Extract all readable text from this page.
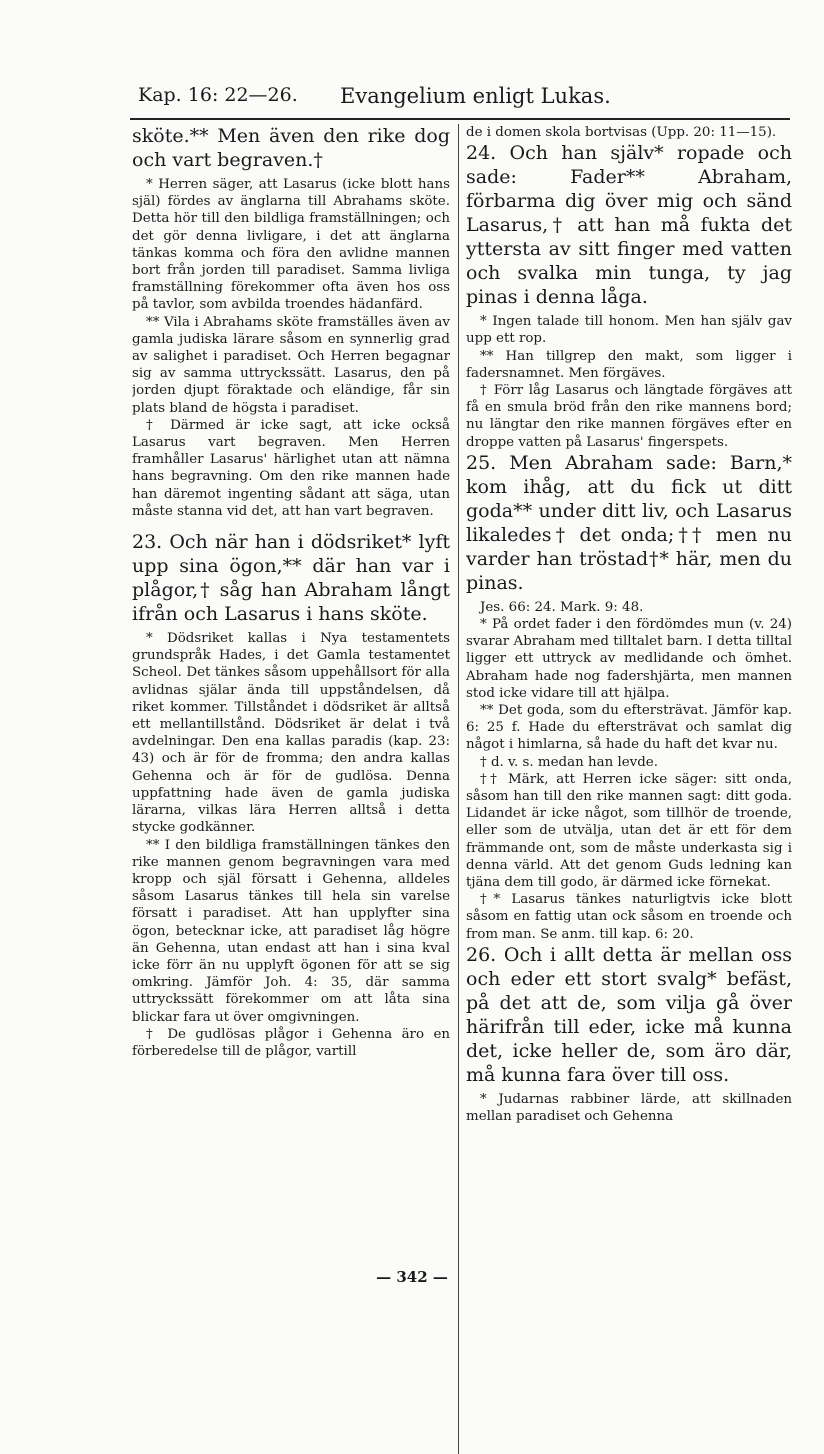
Kap. 16: 22—26. Evangelium enligt Lukas.

sköte.** Men även den rike dog och vart begraven.†

* Herren säger, att Lasarus (icke blott hans själ) fördes av änglarna till Abrahams sköte. Detta hör till den bildliga framställningen; och det gör denna livligare, i det att änglarna tänkas komma och föra den avlidne mannen bort från jorden till paradiset. Samma livliga framställning förekommer ofta även hos oss på tavlor, som avbilda troendes hädanfärd.

** Vila i Abrahams sköte framställes även av gamla judiska lärare såsom en synnerlig grad av salighet i paradiset. Och Herren begagnar sig av samma uttryckssätt. Lasarus, den på jorden djupt föraktade och eländige, får sin plats bland de högsta i paradiset.

† Därmed är icke sagt, att icke också Lasarus vart begraven. Men Herren framhåller Lasarus' härlighet utan att nämna hans begravning. Om den rike mannen hade han däremot ingenting sådant att säga, utan måste stanna vid det, att han vart begraven.

23. Och när han i dödsriket* lyft upp sina ögon,** där han var i plågor,† såg han Abraham långt ifrån och Lasarus i hans sköte.

* Dödsriket kallas i Nya testamentets grundspråk Hades, i det Gamla testamentet Scheol. Det tänkes såsom uppehållsort för alla avlidnas själar ända till uppståndelsen, då riket kommer. Tillståndet i dödsriket är alltså ett mellantillstånd. Dödsriket är delat i två avdelningar. Den ena kallas paradis (kap. 23: 43) och är för de fromma; den andra kallas Gehenna och är för de gudlösa. Denna uppfattning hade även de gamla judiska lärarna, vilkas lära Herren alltså i detta stycke godkänner.

** I den bildliga framställningen tänkes den rike mannen genom begravningen vara med kropp och själ försatt i Gehenna, alldeles såsom Lasarus tänkes till hela sin varelse försatt i paradiset. Att han upplyfter sina ögon, betecknar icke, att paradiset låg högre än Gehenna, utan endast att han i sina kval icke förr än nu upplyft ögonen för att se sig omkring. Jämför Joh. 4: 35, där samma uttryckssätt förekommer om att låta sina blickar fara ut över omgivningen.

† De gudlösas plågor i Gehenna äro en förberedelse till de plågor, vartill

de i domen skola bortvisas (Upp. 20: 11—15).

24. Och han själv* ropade och sade: Fader** Abraham, förbarma dig över mig och sänd Lasarus,† att han må fukta det yttersta av sitt finger med vatten och svalka min tunga, ty jag pinas i denna låga.

* Ingen talade till honom. Men han själv gav upp ett rop.

** Han tillgrep den makt, som ligger i fadersnamnet. Men förgäves.

† Förr låg Lasarus och längtade förgäves att få en smula bröd från den rike mannens bord; nu längtar den rike mannen förgäves efter en droppe vatten på Lasarus' fingerspets.

25. Men Abraham sade: Barn,* kom ihåg, att du fick ut ditt goda** under ditt liv, och Lasarus likaledes† det onda;†† men nu varder han tröstad†* här, men du pinas.

Jes. 66: 24. Mark. 9: 48.

* På ordet fader i den fördömdes mun (v. 24) svarar Abraham med tilltalet barn. I detta tilltal ligger ett uttryck av medlidande och ömhet. Abraham hade nog fadershjärta, men mannen stod icke vidare till att hjälpa.

** Det goda, som du eftersträvat. Jämför kap. 6: 25 f. Hade du eftersträvat och samlat dig något i himlarna, så hade du haft det kvar nu.

† d. v. s. medan han levde.

†† Märk, att Herren icke säger: sitt onda, såsom han till den rike mannen sagt: ditt goda. Lidandet är icke något, som tillhör de troende, eller som de utvälja, utan det är ett för dem främmande ont, som de måste underkasta sig i denna värld. Att det genom Guds ledning kan tjäna dem till godo, är därmed icke förnekat.

†* Lasarus tänkes naturligtvis icke blott såsom en fattig utan ock såsom en troende och from man. Se anm. till kap. 6: 20.

26. Och i allt detta är mellan oss och eder ett stort svalg* befäst, på det att de, som vilja gå över härifrån till eder, icke må kunna det, icke heller de, som äro där, må kunna fara över till oss.

* Judarnas rabbiner lärde, att skillnaden mellan paradiset och Gehenna

— 342 —
